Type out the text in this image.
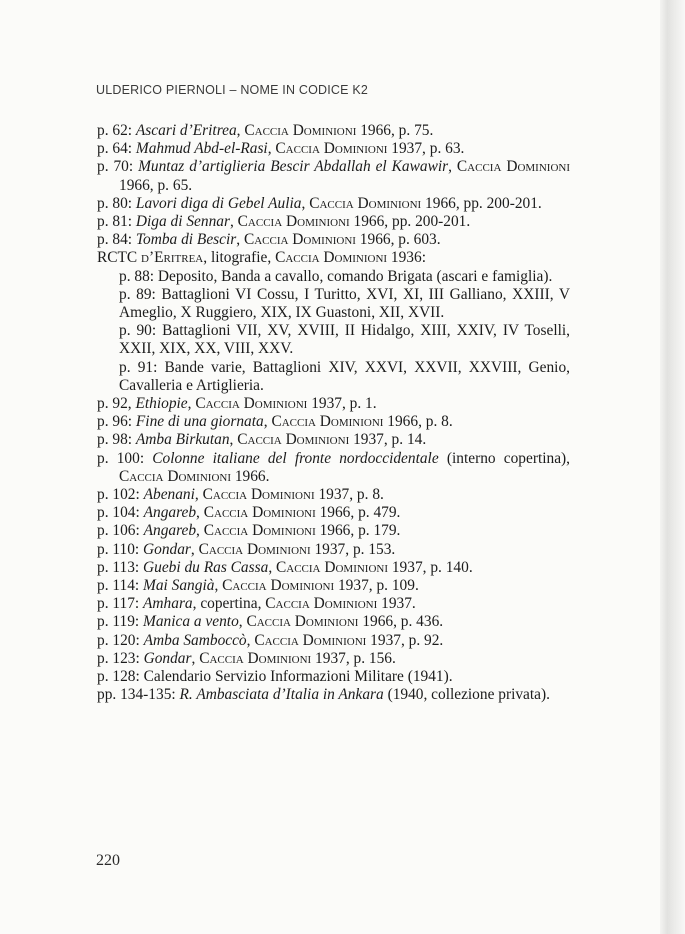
ULDERICO PIERNOLI – NOME IN CODICE K2

p. 62: Ascari d’Eritrea, Caccia Dominioni 1966, p. 75.

p. 64: Mahmud Abd-el-Rasi, Caccia Dominioni 1937, p. 63.

p. 70: Muntaz d’artiglieria Bescir Abdallah el Kawawir, Caccia Dominioni 1966, p. 65.

p. 80: Lavori diga di Gebel Aulia, Caccia Dominioni 1966, pp. 200-201.

p. 81: Diga di Sennar, Caccia Dominioni 1966, pp. 200-201.

p. 84: Tomba di Bescir, Caccia Dominioni 1966, p. 603.

RCTC d’Eritrea, litografie, Caccia Dominioni 1936:

p. 88: Deposito, Banda a cavallo, comando Brigata (ascari e famiglia).

p. 89: Battaglioni VI Cossu, I Turitto, XVI, XI, III Galliano, XXIII, V Ameglio, X Ruggiero, XIX, IX Guastoni, XII, XVII.

p. 90: Battaglioni VII, XV, XVIII, II Hidalgo, XIII, XXIV, IV Toselli, XXII, XIX, XX, VIII, XXV.

p. 91: Bande varie, Battaglioni XIV, XXVI, XXVII, XXVIII, Genio, Cavalleria e Artiglieria.

p. 92, Ethiopie, Caccia Dominioni 1937, p. 1.

p. 96: Fine di una giornata, Caccia Dominioni 1966, p. 8.

p. 98: Amba Birkutan, Caccia Dominioni 1937, p. 14.

p. 100: Colonne italiane del fronte nordoccidentale (interno copertina), Caccia Dominioni 1966.

p. 102: Abenani, Caccia Dominioni 1937, p. 8.

p. 104: Angareb, Caccia Dominioni 1966, p. 479.

p. 106: Angareb, Caccia Dominioni 1966, p. 179.

p. 110: Gondar, Caccia Dominioni 1937, p. 153.

p. 113: Guebi du Ras Cassa, Caccia Dominioni 1937, p. 140.

p. 114: Mai Sangià, Caccia Dominioni 1937, p. 109.

p. 117: Amhara, copertina, Caccia Dominioni 1937.

p. 119: Manica a vento, Caccia Dominioni 1966, p. 436.

p. 120: Amba Samboccò, Caccia Dominioni 1937, p. 92.

p. 123: Gondar, Caccia Dominioni 1937, p. 156.

p. 128: Calendario Servizio Informazioni Militare (1941).

pp. 134-135: R. Ambasciata d’Italia in Ankara (1940, collezione privata).

220
